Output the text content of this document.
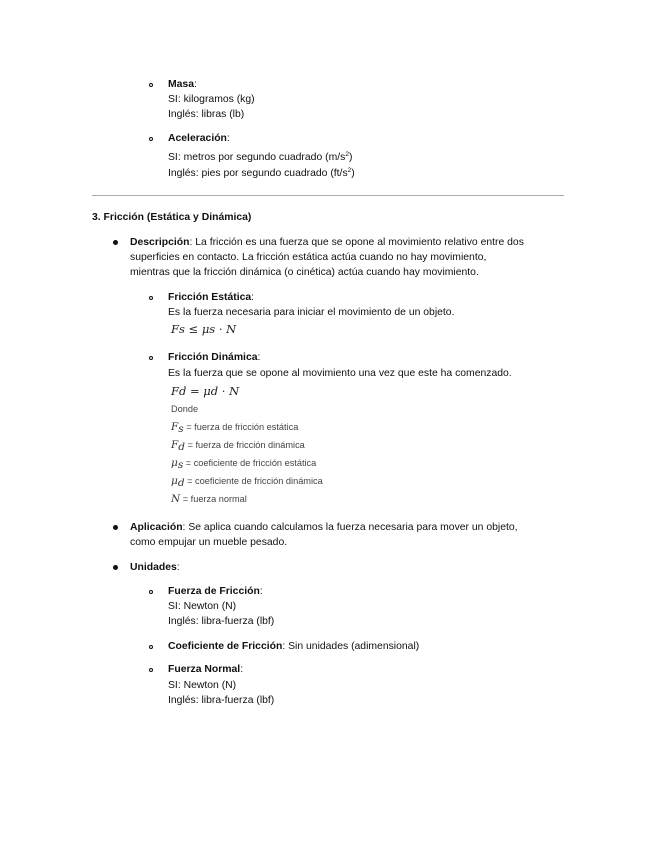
Masa:
SI: kilogramos (kg)
Inglés: libras (lb)
Aceleración:
SI: metros por segundo cuadrado $(m/s^2)$
Inglés: pies por segundo cuadrado $(ft/s^2)$
3. Fricción (Estática y Dinámica)
Descripción: La fricción es una fuerza que se opone al movimiento relativo entre dos
superficies en contacto. La fricción estática actúa cuando no hay movimiento,
mientras que la fricción dinámica (o cinética) actúa cuando hay movimiento.
Fricción Estática:
Es la fuerza necesaria para iniciar el movimiento de un objeto.
Fs ≤ μs · N
Fricción Dinámica:
Es la fuerza que se opone al movimiento una vez que este ha comenzado.
Fd = μd · N
Donde
$F_s$ = fuerza de fricción estática
$F_d$ = fuerza de fricción dinámica
$\mu_s$ = coeficiente de fricción estática
$\mu_d$ = coeficiente de fricción dinámica
N = fuerza normal
Aplicación: Se aplica cuando calculamos la fuerza necesaria para mover un objeto,
como empujar un mueble pesado.
Unidades:
Fuerza de Fricción:
SI: Newton (N)
Inglés: libra-fuerza (lbf)
Coeficiente de Fricción: Sin unidades (adimensional)
Fuerza Normal:
SI: Newton (N)
Inglés: libra-fuerza (lbf)
